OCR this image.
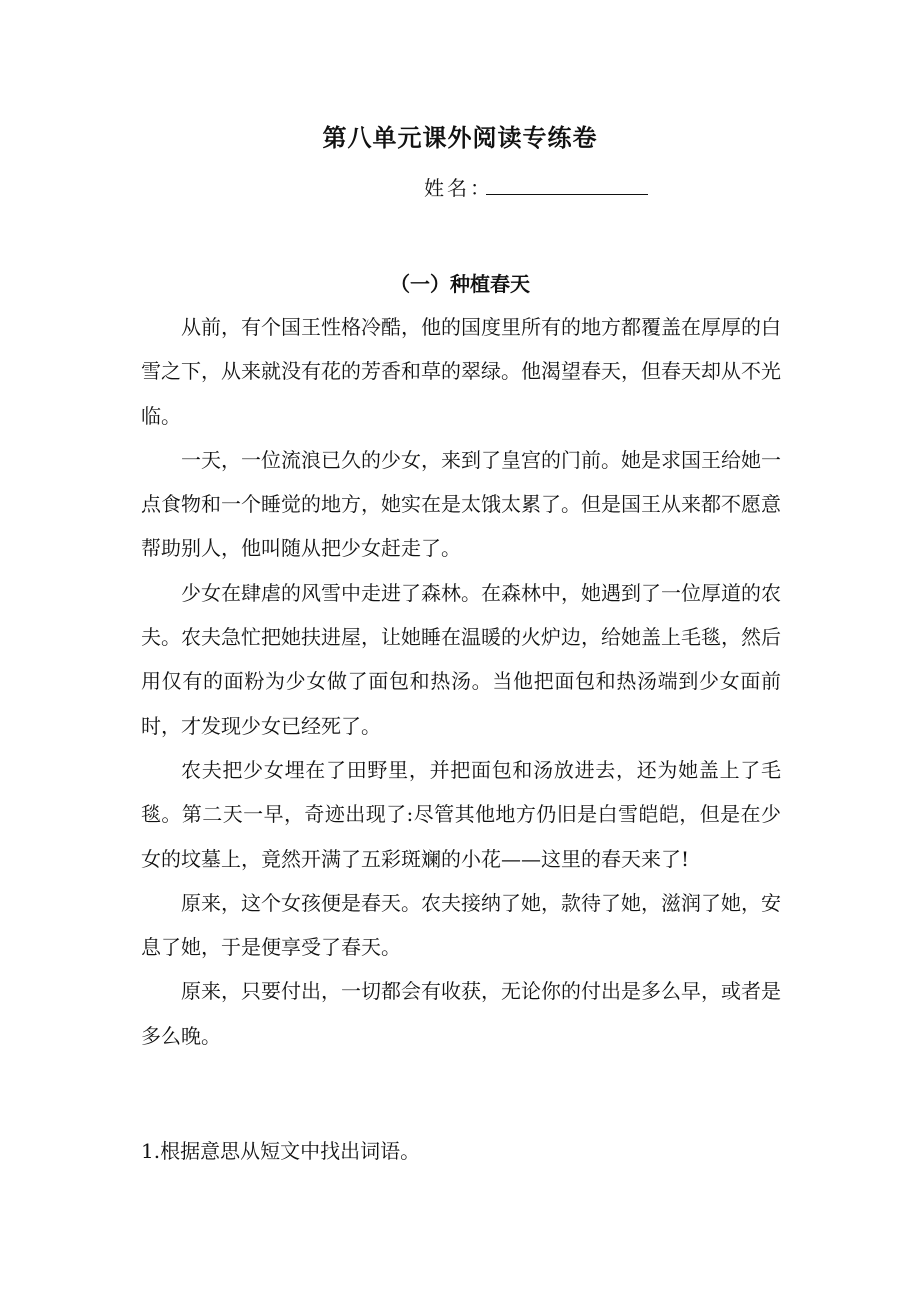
第八单元课外阅读专练卷
姓名：
（一）种植春天

从前，有个国王性格冷酷，他的国度里所有的地方都覆盖在厚厚的白雪之下，从来就没有花的芳香和草的翠绿。他渴望春天，但春天却从不光临。

一天，一位流浪已久的少女，来到了皇宫的门前。她是求国王给她一点食物和一个睡觉的地方，她实在是太饿太累了。但是国王从来都不愿意帮助别人，他叫随从把少女赶走了。

少女在肆虐的风雪中走进了森林。在森林中，她遇到了一位厚道的农夫。农夫急忙把她扶进屋，让她睡在温暖的火炉边，给她盖上毛毯，然后用仅有的面粉为少女做了面包和热汤。当他把面包和热汤端到少女面前时，才发现少女已经死了。

农夫把少女埋在了田野里，并把面包和汤放进去，还为她盖上了毛毯。第二天一早，奇迹出现了:尽管其他地方仍旧是白雪皑皑，但是在少女的坟墓上，竟然开满了五彩斑斓的小花——这里的春天来了!

原来，这个女孩便是春天。农夫接纳了她，款待了她，滋润了她，安息了她，于是便享受了春天。

原来，只要付出，一切都会有收获，无论你的付出是多么早，或者是多么晚。

1.根据意思从短文中找出词语。
